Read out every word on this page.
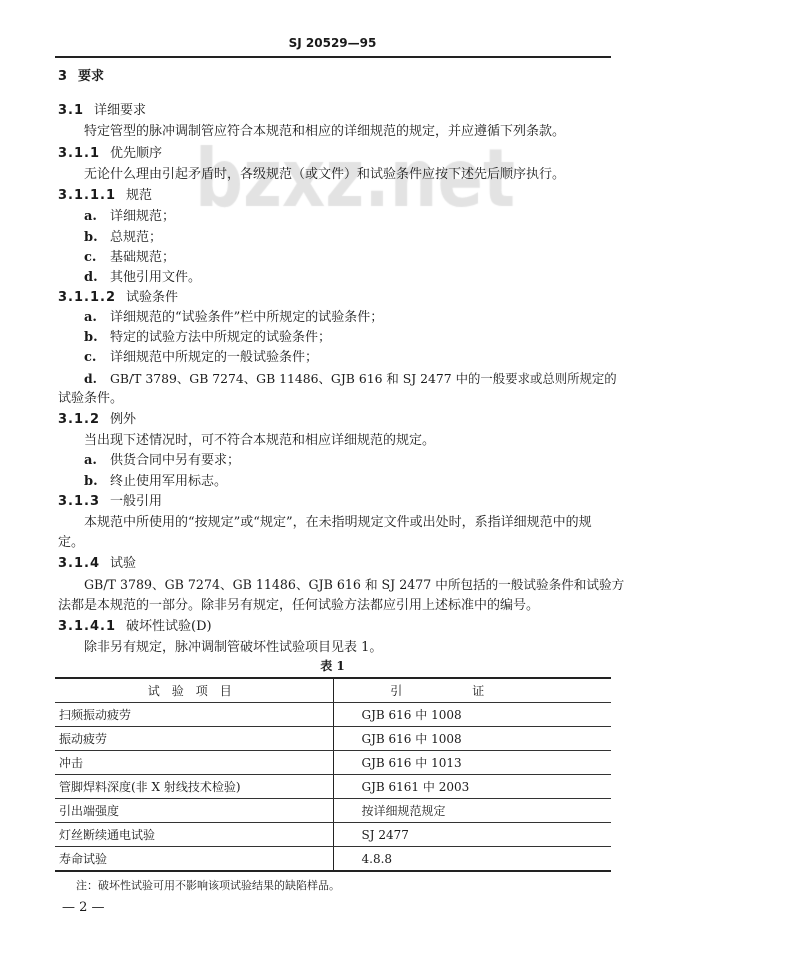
SJ 20529—95
3 要求
3.1 详细要求
特定管型的脉冲调制管应符合本规范和相应的详细规范的规定，并应遵循下列条款。
3.1.1 优先顺序
无论什么理由引起矛盾时，各级规范（或文件）和试验条件应按下述先后顺序执行。
3.1.1.1 规范
a. 详细规范；
b. 总规范；
c. 基础规范；
d. 其他引用文件。
3.1.1.2 试验条件
a. 详细规范的“试验条件”栏中所规定的试验条件；
b. 特定的试验方法中所规定的试验条件；
c. 详细规范中所规定的一般试验条件；
d. GB/T 3789、GB 7274、GB 11486、GJB 616 和 SJ 2477 中的一般要求或总则所规定的
试验条件。
3.1.2 例外
当出现下述情况时，可不符合本规范和相应详细规范的规定。
a. 供货合同中另有要求；
b. 终止使用军用标志。
3.1.3 一般引用
本规范中所使用的“按规定”或“规定”，在未指明规定文件或出处时，系指详细规范中的规
定。
3.1.4 试验
GB/T 3789、GB 7274、GB 11486、GJB 616 和 SJ 2477 中所包括的一般试验条件和试验方
法都是本规范的一部分。除非另有规定，任何试验方法都应引用上述标准中的编号。
3.1.4.1 破坏性试验(D)
除非另有规定，脉冲调制管破坏性试验项目见表 1。
表 1
试验项目	引证
扫频振动疲劳	GJB 616 中 1008
振动疲劳	GJB 616 中 1008
冲击	GJB 616 中 1013
管脚焊料深度(非 X 射线技术检验)	GJB 6161 中 2003
引出端强度	按详细规范规定
灯丝断续通电试验	SJ 2477
寿命试验	4.8.8
注：破坏性试验可用不影响该项试验结果的缺陷样品。
— 2 —
